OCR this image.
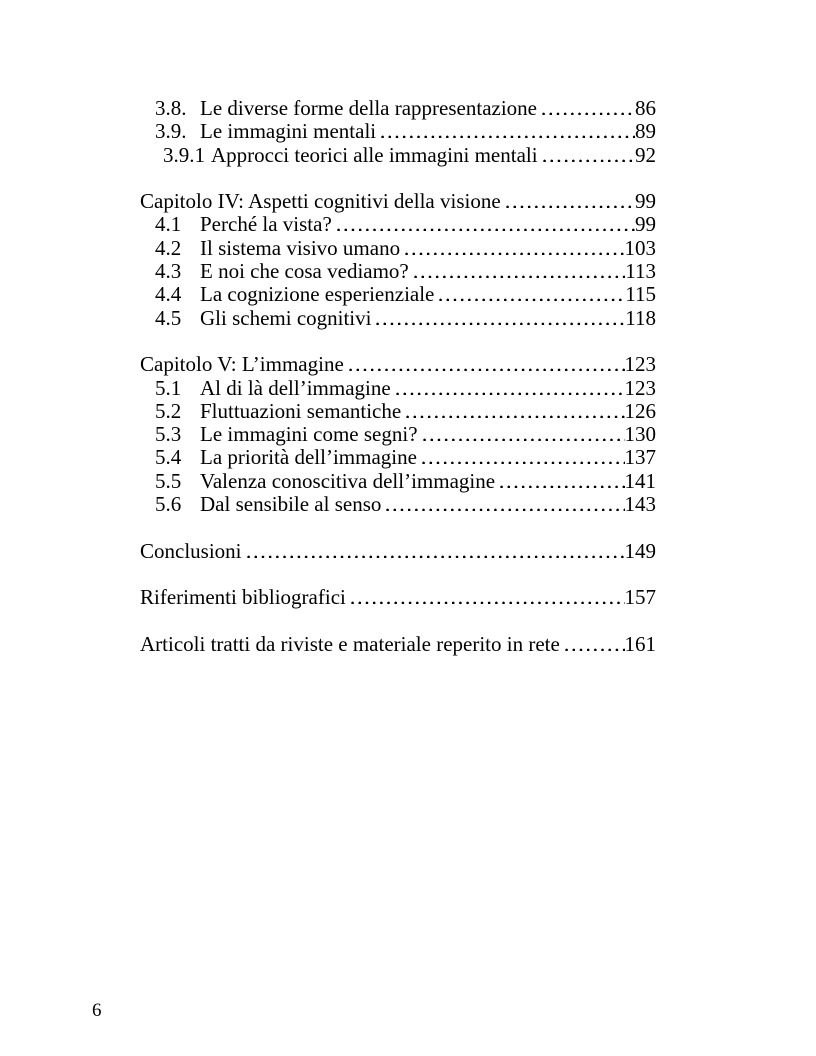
3.8. Le diverse forme della rappresentazione	86
3.9. Le immagini mentali	89
3.9.1 Approcci teorici alle immagini mentali	92
Capitolo IV: Aspetti cognitivi della visione	99
4.1 Perché la vista?	99
4.2 Il sistema visivo umano	103
4.3 E noi che cosa vediamo?	113
4.4 La cognizione esperienziale	115
4.5 Gli schemi cognitivi	118
Capitolo V: L’immagine	123
5.1 Al di là dell’immagine	123
5.2 Fluttuazioni semantiche	126
5.3 Le immagini come segni?	130
5.4 La priorità dell’immagine	137
5.5 Valenza conoscitiva dell’immagine	141
5.6 Dal sensibile al senso	143
Conclusioni	149
Riferimenti bibliografici	157
Articoli tratti da riviste e materiale reperito in rete	161
6
